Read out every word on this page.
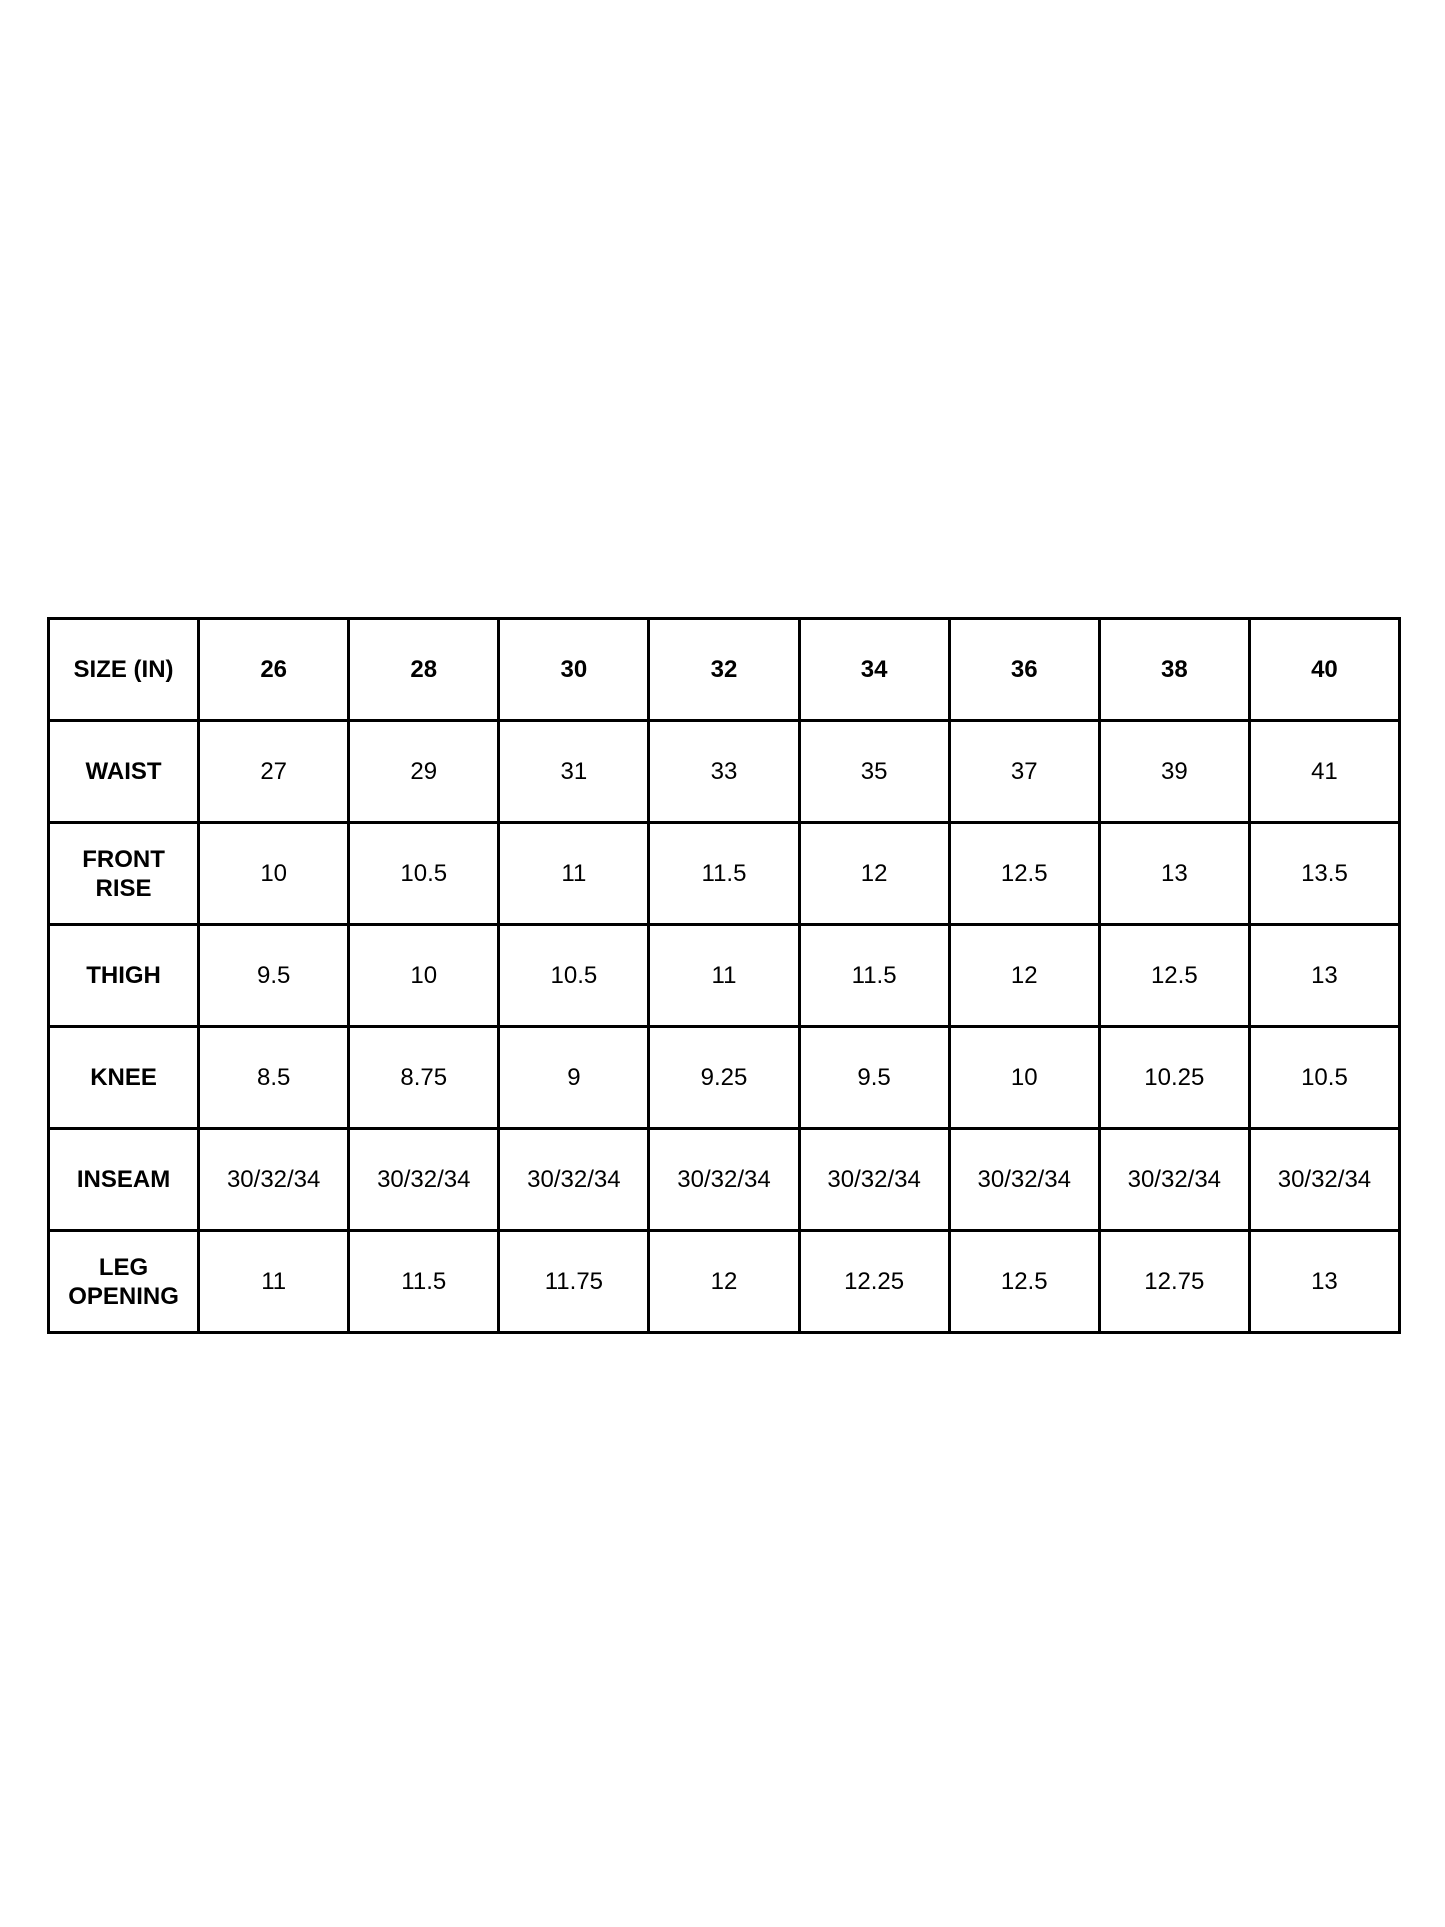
SIZE (IN)	26	28	30	32	34	36	38	40

WAIST	27	29	31	33	35	37	39	41

FRONT
RISE	10	10.5	11	11.5	12	12.5	13	13.5

THIGH	9.5	10	10.5	11	11.5	12	12.5	13

KNEE	8.5	8.75	9	9.25	9.5	10	10.25	10.5

INSEAM	30/32/34	30/32/34	30/32/34	30/32/34	30/32/34	30/32/34	30/32/34	30/32/34

LEG
OPENING	11	11.5	11.75	12	12.25	12.5	12.75	13
